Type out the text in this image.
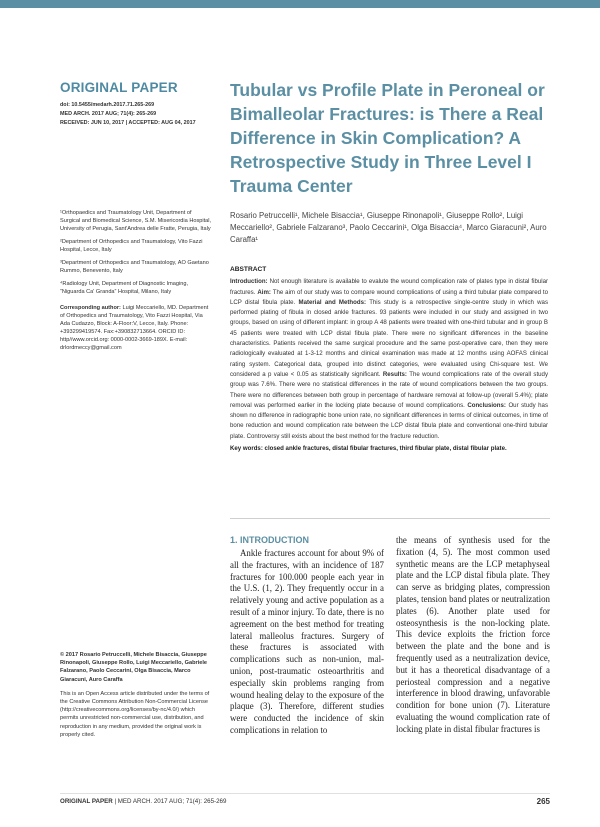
ORIGINAL PAPER
doi: 10.5455/medarh.2017.71.265-269
MED ARCH. 2017 AUG; 71(4): 265-269
RECEIVED: JUN 10, 2017 | ACCEPTED: AUG 04, 2017
Tubular vs Profile Plate in Peroneal or Bimalleolar Fractures: is There a Real Difference in Skin Complication? A Retrospective Study in Three Level I Trauma Center
Rosario Petruccelli¹, Michele Bisaccia¹, Giuseppe Rinonapoli¹, Giuseppe Rollo², Luigi Meccariello², Gabriele Falzarano³, Paolo Ceccarini¹, Olga Bisaccia⁴, Marco Giaracuni², Auro Caraffa¹

¹Orthopaedics and Traumatology Unit, Department of Surgical and Biomedical Science, S.M. Misericordia Hospital, University of Perugia, Sant'Andrea delle Fratte, Perugia, Italy

²Department of Orthopedics and Traumatology, Vito Fazzi Hospital, Lecce, Italy

³Department of Orthopedics and Traumatology, AO Gaetano Rummo, Benevento, Italy

⁴Radiology Unit, Department of Diagnostic Imaging, “Niguarda Ca' Granda” Hospital, Milano, Italy

Corresponding author: Luigi Meccariello, MD. Department of Orthopedics and Traumatology, Vito Fazzi Hospital, Via Ada Cudazzo, Block: A-Floor:V, Lecce, Italy. Phone: +393299419574. Fax:+390832713664. ORCID ID: http//www.orcid.org: 0000-0002-3669-189X. E-mail: drlordmeccy@gmail.com
ABSTRACT

Introduction: Not enough literature is available to evalute the wound complication rate of plates type in distal fibular fractures. Aim: The aim of our study was to compare wound complications of using a third tubular plate compared to LCP distal fibula plate. Material and Methods: This study is a retrospective single-centre study in which was performed plating of fibula in closed ankle fractures. 93 patients were included in our study and assigned in two groups, based on using of different implant: in group A 48 patients were treated with one-third tubular and in group B 45 patients were treated with LCP distal fibula plate. There were no significant differences in the baseline characteristics. Patients received the same surgical procedure and the same post-operative care, then they were radiologically evaluated at 1-3-12 months and clinical examination was made at 12 months using AOFAS clinical rating system. Categorical data, grouped into distinct categories, were evaluated using Chi-square test. We considered a p value < 0.05 as statistically significant. Results: The wound complications rate of the overall study group was 7.6%. There were no statistical differences in the rate of wound complications between the two groups. There were no differences between both group in percentage of hardware removal at follow-up (overall 5.4%); plate removal was performed earlier in the locking plate because of wound complications. Conclusions: Our study has shown no difference in radiographic bone union rate, no significant differences in terms of clinical outcomes, in time of bone reduction and wound complication rate between the LCP distal fibula plate and conventional one-third tubular plate. Controversy still exists about the best method for the fracture reduction.

Key words: closed ankle fractures, distal fibular fractures, third fibular plate, distal fibular plate.

1. INTRODUCTION
Ankle fractures account for about 9% of all the fractures, with an incidence of 187 fractures for 100.000 people each year in the U.S. (1, 2). They frequently occur in a relatively young and active population as a result of a minor injury. To date, there is no agreement on the best method for treating lateral malleolus fractures. Surgery of these fractures is associated with complications such as non-union, mal-union, post-traumatic osteoarthritis and especially skin problems ranging from wound healing delay to the exposure of the plaque (3). Therefore, different studies were conducted the incidence of skin complications in relation to
the means of synthesis used for the fixation (4, 5). The most common used synthetic means are the LCP metaphyseal plate and the LCP distal fibula plate. They can serve as bridging plates, compression plates, tension band plates or neutralization plates (6). Another plate used for osteosynthesis is the non-locking plate. This device exploits the friction force between the plate and the bone and is frequently used as a neutralization device, but it has a theoretical disadvantage of a periosteal compression and a negative interference in blood drawing, unfavorable condition for bone union (7). Literature evaluating the wound complication rate of locking plate in distal fibular fractures is

© 2017 Rosario Petruccelli, Michele Bisaccia, Giuseppe Rinonapoli, Giuseppe Rollo, Luigi Meccariello, Gabriele Falzarano, Paolo Ceccarini, Olga Bisaccia, Marco Giaracuni, Auro Caraffa

This is an Open Access article distributed under the terms of the Creative Commons Attribution Non-Commercial License (http://creativecommons.org/licenses/by-nc/4.0/) which permits unrestricted non-commercial use, distribution, and reproduction in any medium, provided the original work is properly cited.

ORIGINAL PAPER | MED ARCH. 2017 AUG; 71(4): 265-269	265
